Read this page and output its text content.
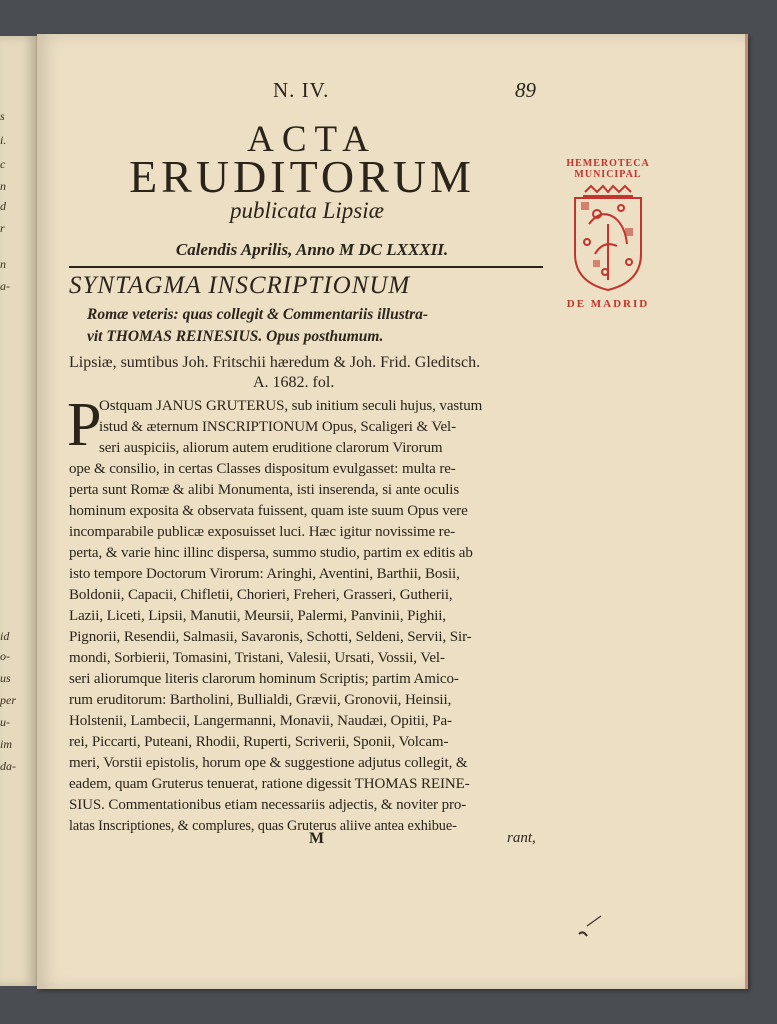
s
i.
c
n
d
r
n
a-
id
o-
us
per
u-
im
da-
N. IV.	89
ACTA
ERUDITORUM
publicata Lipsiæ
Calendis Aprilis, Anno M DC LXXXII.
SYNTAGMA INSCRIPTIONUM
Romæ veteris: quas collegit & Commentariis illustra-
vit THOMAS REINESIUS. Opus posthumum.
Lipsiæ, sumtibus Joh. Fritschii hæredum & Joh. Frid. Gleditsch.
A. 1682. fol.
P
Ostquam JANUS GRUTERUS, sub initium seculi hujus, vastum
istud & æternum INSCRIPTIONUM Opus, Scaligeri & Vel-
seri auspiciis, aliorum autem eruditione clarorum Virorum
ope & consilio, in certas Classes dispositum evulgasset: multa re-
perta sunt Romæ & alibi Monumenta, isti inserenda, si ante oculis
hominum exposita & observata fuissent, quam iste suum Opus vere
incomparabile publicæ exposuisset luci. Hæc igitur novissime re-
perta, & varie hinc illinc dispersa, summo studio, partim ex editis ab
isto tempore Doctorum Virorum: Aringhi, Aventini, Barthii, Bosii,
Boldonii, Capacii, Chifletii, Chorieri, Freheri, Grasseri, Gutherii,
Lazii, Liceti, Lipsii, Manutii, Meursii, Palermi, Panvinii, Pighii,
Pignorii, Resendii, Salmasii, Savaronis, Schotti, Seldeni, Servii, Sir-
mondi, Sorbierii, Tomasini, Tristani, Valesii, Ursati, Vossii, Vel-
seri aliorumque literis clarorum hominum Scriptis; partim Amico-
rum eruditorum: Bartholini, Bullialdi, Grævii, Gronovii, Heinsii,
Holstenii, Lambecii, Langermanni, Monavii, Naudæi, Opitii, Pa-
rei, Piccarti, Puteani, Rhodii, Ruperti, Scriverii, Sponii, Volcam-
meri, Vorstii epistolis, horum ope & suggestione adjutus collegit, &
eadem, quam Gruterus tenuerat, ratione digessit THOMAS REINE-
SIUS. Commentationibus etiam necessariis adjectis, & noviter pro-
latas Inscriptiones, & complures, quas Gruterus aliive antea exhibue-
M	rant,
HEMEROTECA MUNICIPAL
DE MADRID
